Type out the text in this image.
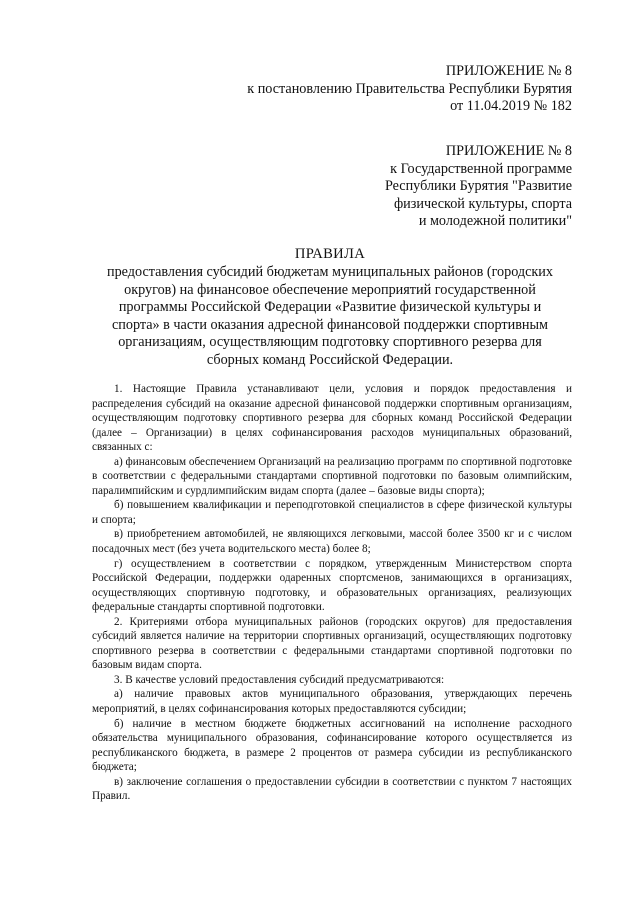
ПРИЛОЖЕНИЕ № 8
к постановлению Правительства Республики Бурятия
от 11.04.2019 № 182
ПРИЛОЖЕНИЕ № 8
к Государственной программе
Республики Бурятия "Развитие
физической культуры, спорта
и молодежной политики"
ПРАВИЛА
предоставления субсидий бюджетам муниципальных районов (городских
округов) на финансовое обеспечение мероприятий государственной
программы Российской Федерации «Развитие физической культуры и
спорта» в части оказания адресной финансовой поддержки спортивным
организациям, осуществляющим подготовку спортивного резерва для
сборных команд Российской Федерации.

1. Настоящие Правила устанавливают цели, условия и порядок предоставления и распределения субсидий на оказание адресной финансовой поддержки спортивным организациям, осуществляющим подготовку спортивного резерва для сборных команд Российской Федерации (далее – Организации) в целях софинансирования расходов муниципальных образований, связанных с:

а) финансовым обеспечением Организаций на реализацию программ по спортивной подготовке в соответствии с федеральными стандартами спортивной подготовки по базовым олимпийским, паралимпийским и сурдлимпийским видам спорта (далее – базовые виды спорта);

б) повышением квалификации и переподготовкой специалистов в сфере физической культуры и спорта;

в) приобретением автомобилей, не являющихся легковыми, массой более 3500 кг и с числом посадочных мест (без учета водительского места) более 8;

г) осуществлением в соответствии с порядком, утвержденным Министерством спорта Российской Федерации, поддержки одаренных спортсменов, занимающихся в организациях, осуществляющих спортивную подготовку, и образовательных организациях, реализующих федеральные стандарты спортивной подготовки.

2. Критериями отбора муниципальных районов (городских округов) для предоставления субсидий является наличие на территории спортивных организаций, осуществляющих подготовку спортивного резерва в соответствии с федеральными стандартами спортивной подготовки по базовым видам спорта.

3. В качестве условий предоставления субсидий предусматриваются:

а) наличие правовых актов муниципального образования, утверждающих перечень мероприятий, в целях софинансирования которых предоставляются субсидии;

б) наличие в местном бюджете бюджетных ассигнований на исполнение расходного обязательства муниципального образования, софинансирование которого осуществляется из республиканского бюджета, в размере 2 процентов от размера субсидии из республиканского бюджета;

в) заключение соглашения о предоставлении субсидии в соответствии с пунктом 7 настоящих Правил.
